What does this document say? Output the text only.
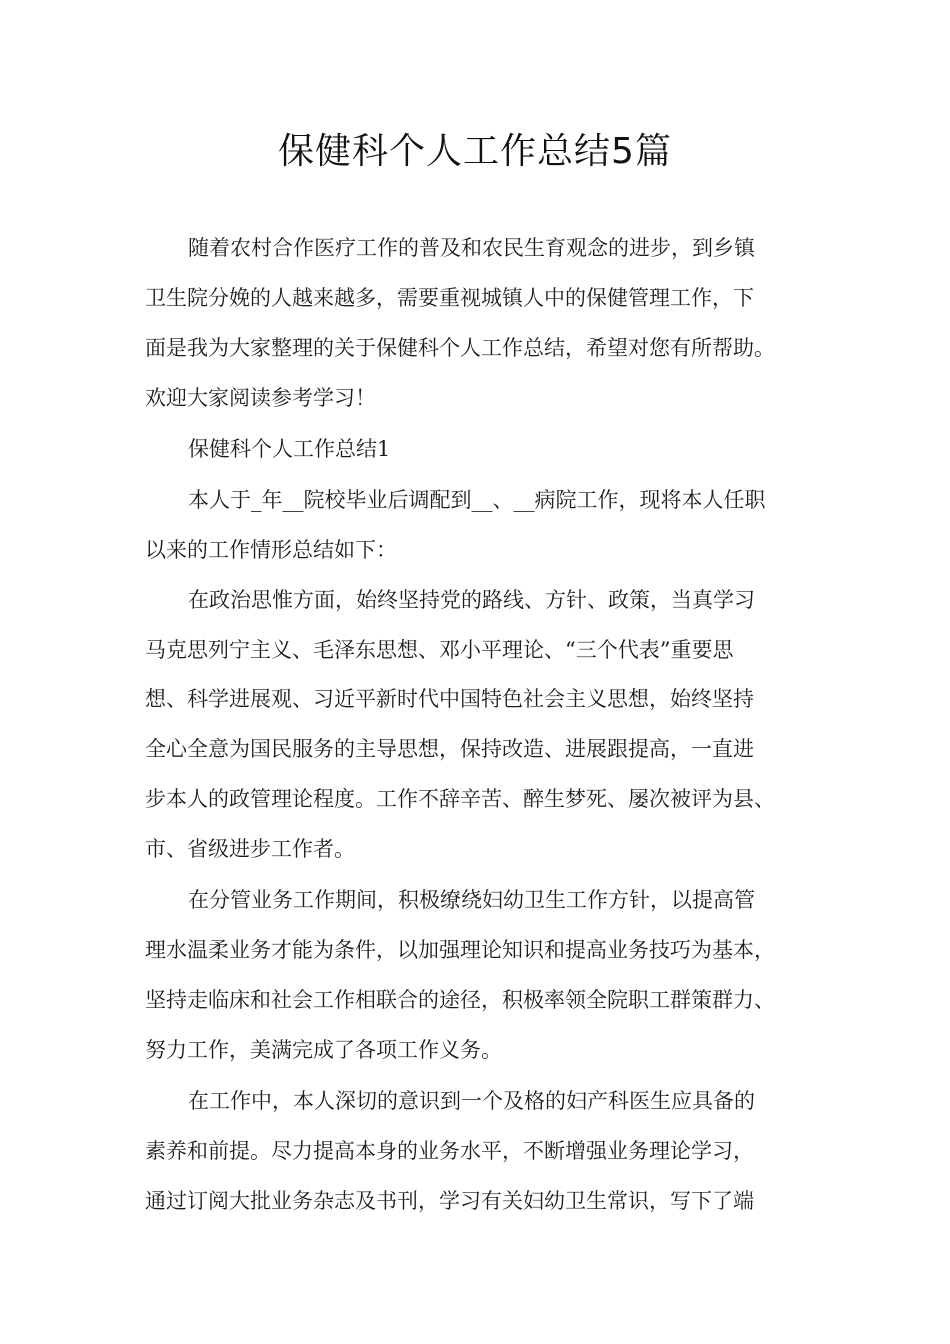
保健科个人工作总结5篇
随着农村合作医疗工作的普及和农民生育观念的进步，到乡镇
卫生院分娩的人越来越多，需要重视城镇人中的保健管理工作，下
面是我为大家整理的关于保健科个人工作总结，希望对您有所帮助。
欢迎大家阅读参考学习！
保健科个人工作总结1
本人于_年__院校毕业后调配到__、__病院工作，现将本人任职
以来的工作情形总结如下：
在政治思惟方面，始终坚持党的路线、方针、政策，当真学习
马克思列宁主义、毛泽东思想、邓小平理论、“三个代表”重要思
想、科学进展观、习近平新时代中国特色社会主义思想，始终坚持
全心全意为国民服务的主导思想，保持改造、进展跟提高，一直进
步本人的政管理论程度。工作不辞辛苦、醉生梦死、屡次被评为县、
市、省级进步工作者。
在分管业务工作期间，积极缭绕妇幼卫生工作方针，以提高管
理水温柔业务才能为条件，以加强理论知识和提高业务技巧为基本，
坚持走临床和社会工作相联合的途径，积极率领全院职工群策群力、
努力工作，美满完成了各项工作义务。
在工作中，本人深切的意识到一个及格的妇产科医生应具备的
素养和前提。尽力提高本身的业务水平，不断增强业务理论学习，
通过订阅大批业务杂志及书刊，学习有关妇幼卫生常识，写下了端
